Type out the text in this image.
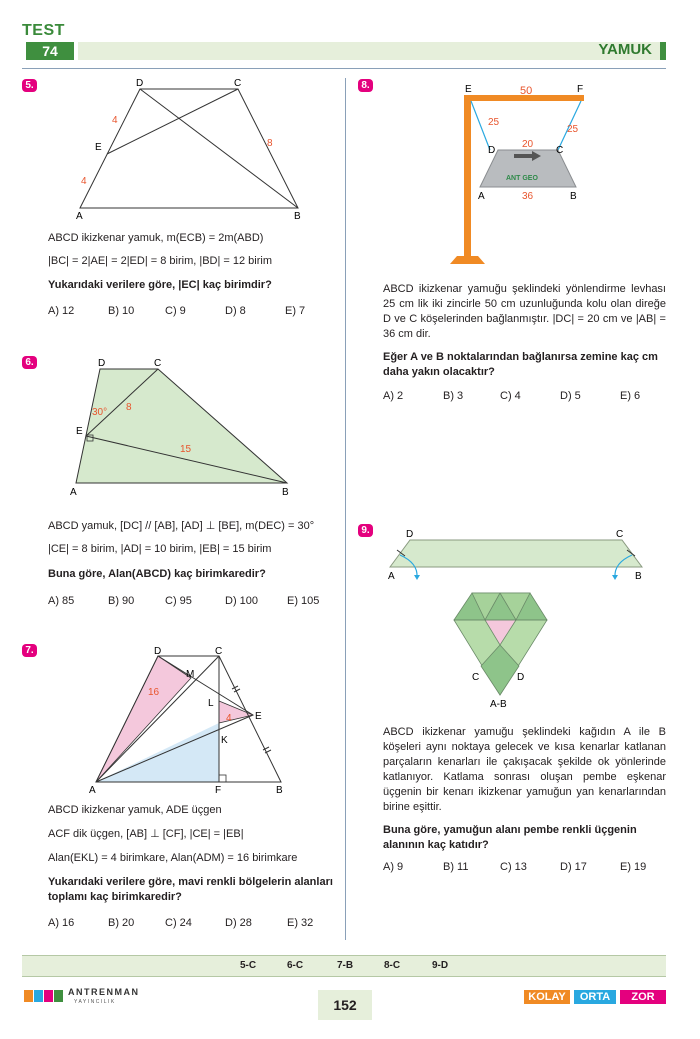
TEST
74	YAMUK
5.
A	B
C
D
E
4
4
8
ABCD ikizkenar yamuk, m(ECB) = 2m(ABD)
|BC| = 2|AE| = 2|ED| = 8 birim, |BD| = 12 birim
Yukarıdaki verilere göre, |EC| kaç birimdir?
A) 12	B) 10	C) 9	D) 8	E) 7
6.
A	B
C
D
E
30° 8
15
ABCD yamuk, [DC] // [AB], [AD] ⊥ [BE], m(DEC) = 30°
|CE| = 8 birim, |AD| = 10 birim, |EB| = 15 birim
Buna göre, Alan(ABCD) kaç birimkaredir?
A) 85	B) 90	C) 95	D) 100	E) 105
7.
A	B
C
D
E
F
K
L
M
16
4
ABCD ikizkenar yamuk, ADE üçgen
ACF dik üçgen, [AB] ⊥ [CF], |CE| = |EB|
Alan(EKL) = 4 birimkare, Alan(ADM) = 16 birimkare
Yukarıdaki verilere göre, mavi renkli bölgelerin alanları toplamı kaç birimkaredir?
A) 16	B) 20	C) 24	D) 28	E) 32
8.	E	F
50
25
25
20
D	C
ANT GEO
A	B
36
ABCD ikizkenar yamuğu şeklindeki yönlendirme levhası 25 cm lik iki zincirle 50 cm uzunluğunda kolu olan direğe D ve C köşelerinden bağlanmıştır. |DC| = 20 cm ve |AB| = 36 cm dir.
Eğer A ve B noktalarından bağlanırsa zemine kaç cm daha yakın olacaktır?
A) 2	B) 3	C) 4	D) 5	E) 6
9.
A	B
C
D
C	D
A-B
ABCD ikizkenar yamuğu şeklindeki kağıdın A ile B köşeleri aynı noktaya gelecek ve kısa kenarlar katlanan parçaların kenarları ile çakışacak şekilde ok yönlerinde katlanıyor. Katlama sonrası oluşan pembe eşkenar üçgenin bir kenarı ikizkenar yamuğun yan kenarlarından birine eşittir.
Buna göre, yamuğun alanı pembe renkli üçgenin alanının kaç katıdır?
A) 9	B) 11	C) 13	D) 17	E) 19
5-C	6-C	7-B	8-C	9-D
ANTRENMAN
YAYINCILIK	152	KOLAY	ORTA	ZOR
